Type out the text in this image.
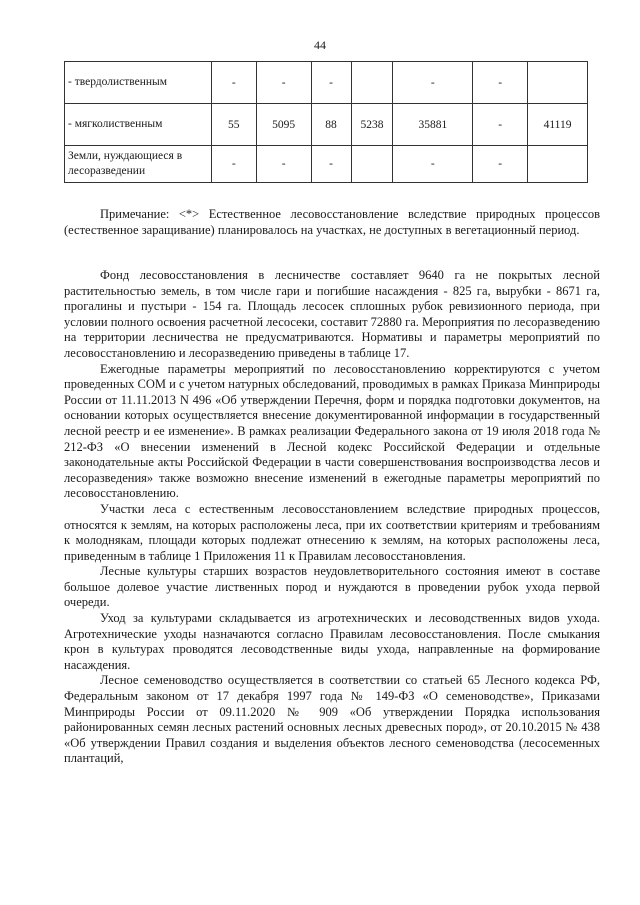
44
- твердолиственным	-	-	-		-	-	
- мягколиственным	55	5095	88	5238	35881	-	41119
Земли, нуждающиеся в лесоразведении	-	-	-		-	-	

Примечание: <*> Естественное лесовосстановление вследствие природных процессов (естественное заращивание) планировалось на участках, не доступных в вегетационный период.

Фонд лесовосстановления в лесничестве составляет 9640 га не покрытых лесной растительностью земель, в том числе гари и погибшие насаждения - 825 га, вырубки - 8671 га, прогалины и пустыри - 154 га. Площадь лесосек сплошных рубок ревизионного периода, при условии полного освоения расчетной лесосеки, составит 72880 га. Мероприятия по лесоразведению на территории лесничества не предусматриваются. Нормативы и параметры мероприятий по лесовосстановлению и лесоразведению приведены в таблице 17.

Ежегодные параметры мероприятий по лесовосстановлению корректируются с учетом проведенных СОМ и с учетом натурных обследований, проводимых в рамках Приказа Минприроды России от 11.11.2013 N 496 «Об утверждении Перечня, форм и порядка подготовки документов, на основании которых осуществляется внесение документированной информации в государственный лесной реестр и ее изменение». В рамках реализации Федерального закона от 19 июля 2018 года № 212-ФЗ «О внесении изменений в Лесной кодекс Российской Федерации и отдельные законодательные акты Российской Федерации в части совершенствования воспроизводства лесов и лесоразведения» также возможно внесение изменений в ежегодные параметры мероприятий по лесовосстановлению.

Участки леса с естественным лесовосстановлением вследствие природных процессов, относятся к землям, на которых расположены леса, при их соответствии критериям и требованиям к молоднякам, площади которых подлежат отнесению к землям, на которых расположены леса, приведенным в таблице 1 Приложения 11 к Правилам лесовосстановления.

Лесные культуры старших возрастов неудовлетворительного состояния имеют в составе большое долевое участие лиственных пород и нуждаются в проведении рубок ухода первой очереди.

Уход за культурами складывается из агротехнических и лесоводственных видов ухода. Агротехнические уходы назначаются согласно Правилам лесовосстановления. После смыкания крон в культурах проводятся лесоводственные виды ухода, направленные на формирование насаждения.

Лесное семеноводство осуществляется в соответствии со статьей 65 Лесного кодекса РФ, Федеральным законом от 17 декабря 1997 года № 149-ФЗ «О семеноводстве», Приказами Минприроды России от 09.11.2020 № 909 «Об утверждении Порядка использования районированных семян лесных растений основных лесных древесных пород», от 20.10.2015 № 438 «Об утверждении Правил создания и выделения объектов лесного семеноводства (лесосеменных плантаций,
